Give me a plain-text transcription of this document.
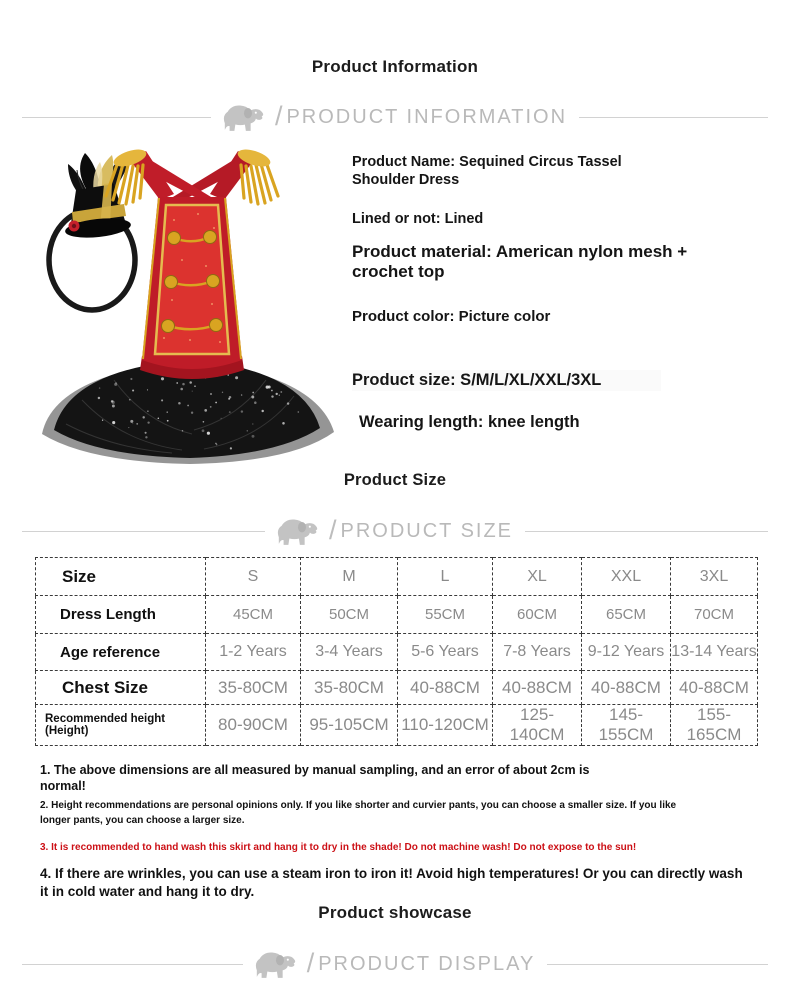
Product Information
/ PRODUCT INFORMATION
Product Name: Sequined Circus Tassel Shoulder Dress
Lined or not: Lined
Product material: American nylon mesh + crochet top
Product color: Picture color
Product size: S/M/L/XL/XXL/3XL
Wearing length: knee length
Product Size
/ PRODUCT SIZE
Size	S	M	L	XL	XXL	3XL
Dress Length	45CM	50CM	55CM	60CM	65CM	70CM
Age reference	1-2 Years	3-4 Years	5-6 Years	7-8 Years	9-12 Years	13-14 Years
Chest Size	35-80CM	35-80CM	40-88CM	40-88CM	40-88CM	40-88CM
Recommended height (Height)	80-90CM	95-105CM	110-120CM	125-140CM	145-155CM	155-165CM
1. The above dimensions are all measured by manual sampling, and an error of about 2cm is normal!
2. Height recommendations are personal opinions only. If you like shorter and curvier pants, you can choose a smaller size. If you like longer pants, you can choose a larger size.
3. It is recommended to hand wash this skirt and hang it to dry in the shade! Do not machine wash! Do not expose to the sun!
4. If there are wrinkles, you can use a steam iron to iron it! Avoid high temperatures! Or you can directly wash it in cold water and hang it to dry.
Product showcase
/ PRODUCT DISPLAY
